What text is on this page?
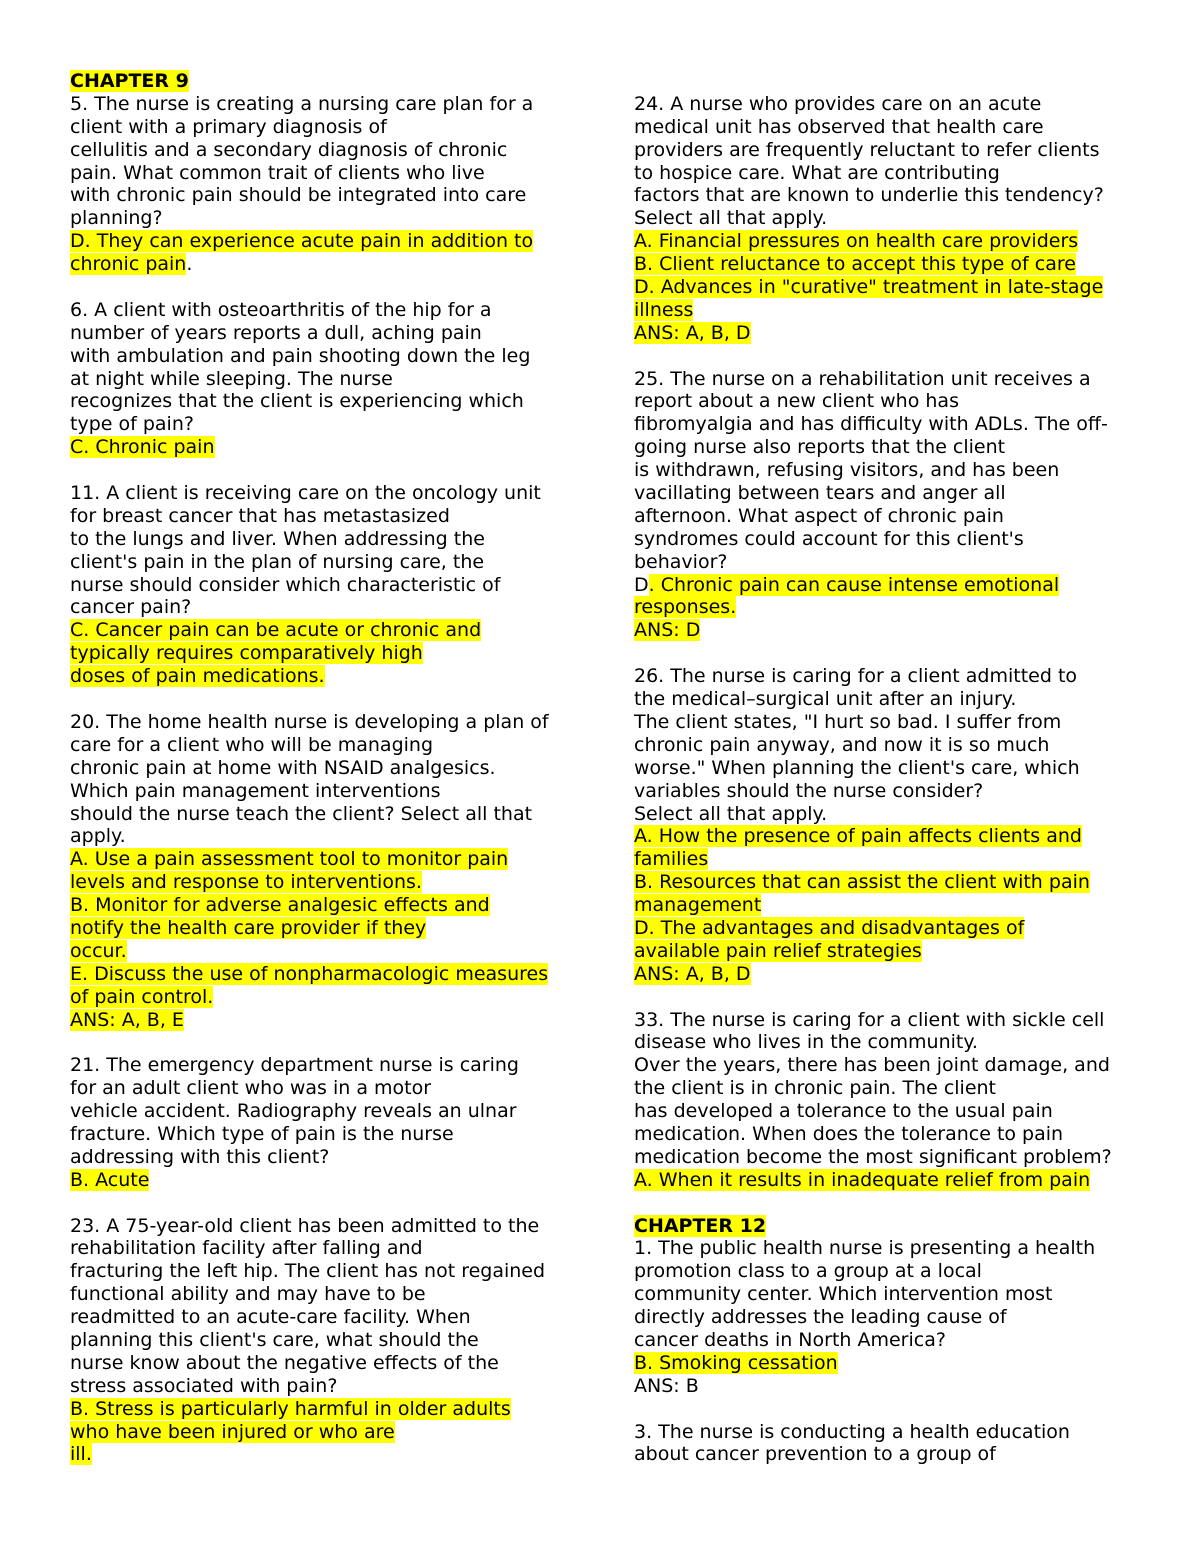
CHAPTER 9
5. The nurse is creating a nursing care plan for a
client with a primary diagnosis of
cellulitis and a secondary diagnosis of chronic
pain. What common trait of clients who live
with chronic pain should be integrated into care
planning?
D. They can experience acute pain in addition to
chronic pain.
6. A client with osteoarthritis of the hip for a
number of years reports a dull, aching pain
with ambulation and pain shooting down the leg
at night while sleeping. The nurse
recognizes that the client is experiencing which
type of pain?
C. Chronic pain
11. A client is receiving care on the oncology unit
for breast cancer that has metastasized
to the lungs and liver. When addressing the
client's pain in the plan of nursing care, the
nurse should consider which characteristic of
cancer pain?
C. Cancer pain can be acute or chronic and
typically requires comparatively high
doses of pain medications.
20. The home health nurse is developing a plan of
care for a client who will be managing
chronic pain at home with NSAID analgesics.
Which pain management interventions
should the nurse teach the client? Select all that
apply.
A. Use a pain assessment tool to monitor pain
levels and response to interventions.
B. Monitor for adverse analgesic effects and
notify the health care provider if they
occur.
E. Discuss the use of nonpharmacologic measures
of pain control.
ANS: A, B, E
21. The emergency department nurse is caring
for an adult client who was in a motor
vehicle accident. Radiography reveals an ulnar
fracture. Which type of pain is the nurse
addressing with this client?
B. Acute
23. A 75-year-old client has been admitted to the
rehabilitation facility after falling and
fracturing the left hip. The client has not regained
functional ability and may have to be
readmitted to an acute-care facility. When
planning this client's care, what should the
nurse know about the negative effects of the
stress associated with pain?
B. Stress is particularly harmful in older adults
who have been injured or who are
ill.
24. A nurse who provides care on an acute
medical unit has observed that health care
providers are frequently reluctant to refer clients
to hospice care. What are contributing
factors that are known to underlie this tendency?
Select all that apply.
A. Financial pressures on health care providers
B. Client reluctance to accept this type of care
D. Advances in "curative" treatment in late-stage
illness
ANS: A, B, D
25. The nurse on a rehabilitation unit receives a
report about a new client who has
fibromyalgia and has difficulty with ADLs. The off-
going nurse also reports that the client
is withdrawn, refusing visitors, and has been
vacillating between tears and anger all
afternoon. What aspect of chronic pain
syndromes could account for this client's
behavior?
D. Chronic pain can cause intense emotional
responses.
ANS: D
26. The nurse is caring for a client admitted to
the medical–surgical unit after an injury.
The client states, "I hurt so bad. I suffer from
chronic pain anyway, and now it is so much
worse." When planning the client's care, which
variables should the nurse consider?
Select all that apply.
A. How the presence of pain affects clients and
families
B. Resources that can assist the client with pain
management
D. The advantages and disadvantages of
available pain relief strategies
ANS: A, B, D
33. The nurse is caring for a client with sickle cell
disease who lives in the community.
Over the years, there has been joint damage, and
the client is in chronic pain. The client
has developed a tolerance to the usual pain
medication. When does the tolerance to pain
medication become the most significant problem?
A. When it results in inadequate relief from pain
CHAPTER 12
1. The public health nurse is presenting a health
promotion class to a group at a local
community center. Which intervention most
directly addresses the leading cause of
cancer deaths in North America?
B. Smoking cessation
ANS: B
3. The nurse is conducting a health education
about cancer prevention to a group of
